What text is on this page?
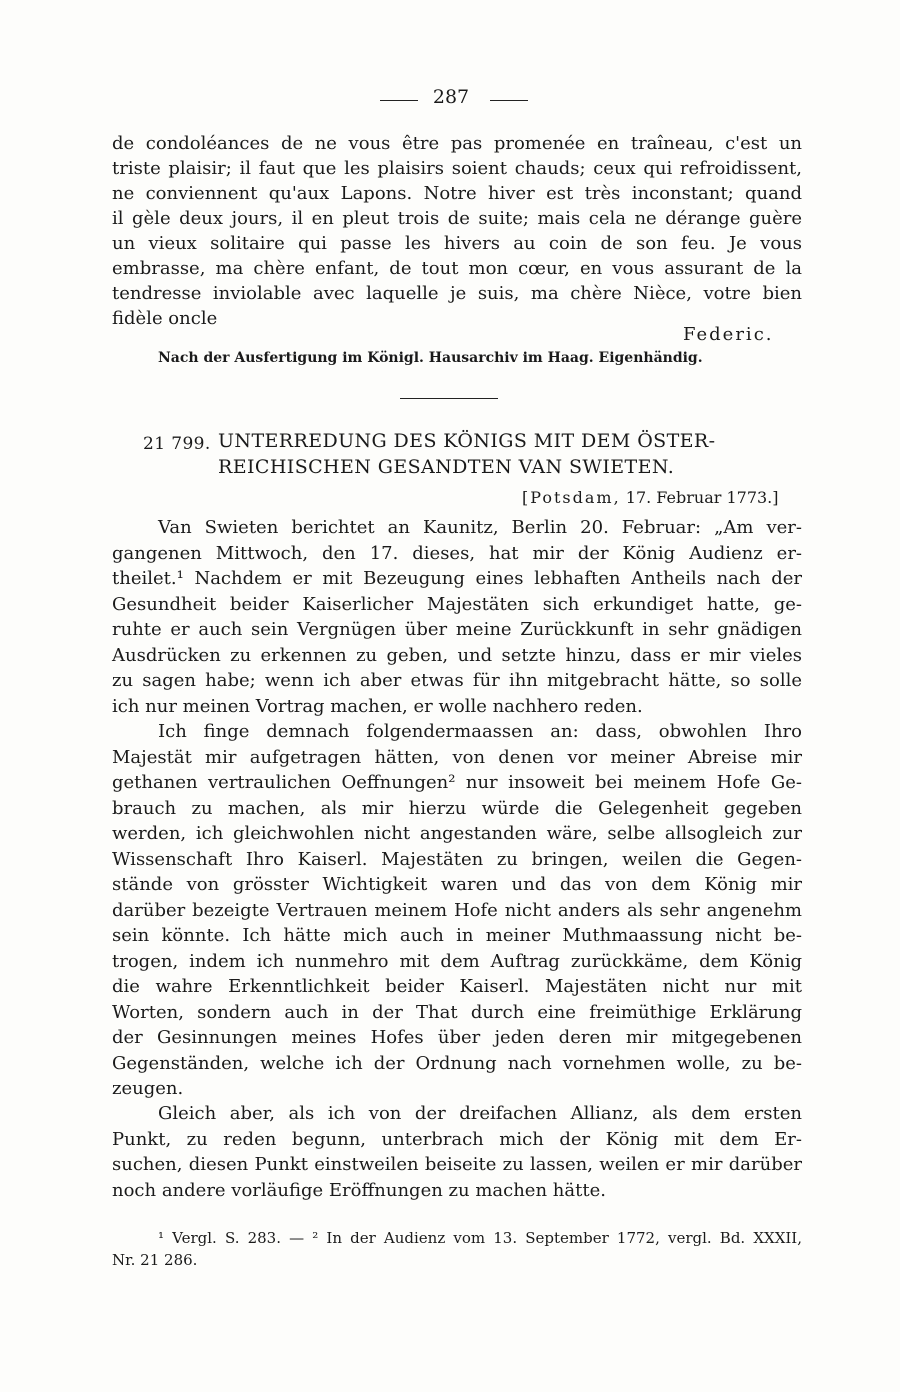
287
de condoléances de ne vous être pas promenée en traîneau, c'est un
triste plaisir; il faut que les plaisirs soient chauds; ceux qui refroidissent,
ne conviennent qu'aux Lapons. Notre hiver est très inconstant; quand
il gèle deux jours, il en pleut trois de suite; mais cela ne dérange guère
un vieux solitaire qui passe les hivers au coin de son feu. Je vous
embrasse, ma chère enfant, de tout mon cœur, en vous assurant de la
tendresse inviolable avec laquelle je suis, ma chère Nièce, votre bien
fidèle oncle
Federic.
Nach der Ausfertigung im Königl. Hausarchiv im Haag. Eigenhändig.
21 799. UNTERREDUNG DES KÖNIGS MIT DEM ÖSTER-
REICHISCHEN GESANDTEN VAN SWIETEN.
[Potsdam, 17. Februar 1773.]
Van Swieten berichtet an Kaunitz, Berlin 20. Februar: „Am ver-
gangenen Mittwoch, den 17. dieses, hat mir der König Audienz er-
theilet.¹ Nachdem er mit Bezeugung eines lebhaften Antheils nach der
Gesundheit beider Kaiserlicher Majestäten sich erkundiget hatte, ge-
ruhte er auch sein Vergnügen über meine Zurückkunft in sehr gnädigen
Ausdrücken zu erkennen zu geben, und setzte hinzu, dass er mir vieles
zu sagen habe; wenn ich aber etwas für ihn mitgebracht hätte, so solle
ich nur meinen Vortrag machen, er wolle nachhero reden.
Ich finge demnach folgendermaassen an: dass, obwohlen Ihro
Majestät mir aufgetragen hätten, von denen vor meiner Abreise mir
gethanen vertraulichen Oeffnungen² nur insoweit bei meinem Hofe Ge-
brauch zu machen, als mir hierzu würde die Gelegenheit gegeben
werden, ich gleichwohlen nicht angestanden wäre, selbe allsogleich zur
Wissenschaft Ihro Kaiserl. Majestäten zu bringen, weilen die Gegen-
stände von grösster Wichtigkeit waren und das von dem König mir
darüber bezeigte Vertrauen meinem Hofe nicht anders als sehr angenehm
sein könnte. Ich hätte mich auch in meiner Muthmaassung nicht be-
trogen, indem ich nunmehro mit dem Auftrag zurückkäme, dem König
die wahre Erkenntlichkeit beider Kaiserl. Majestäten nicht nur mit
Worten, sondern auch in der That durch eine freimüthige Erklärung
der Gesinnungen meines Hofes über jeden deren mir mitgegebenen
Gegenständen, welche ich der Ordnung nach vornehmen wolle, zu be-
zeugen.
Gleich aber, als ich von der dreifachen Allianz, als dem ersten
Punkt, zu reden begunn, unterbrach mich der König mit dem Er-
suchen, diesen Punkt einstweilen beiseite zu lassen, weilen er mir darüber
noch andere vorläufige Eröffnungen zu machen hätte.
¹ Vergl. S. 283. — ² In der Audienz vom 13. September 1772, vergl. Bd. XXXII,
Nr. 21 286.
